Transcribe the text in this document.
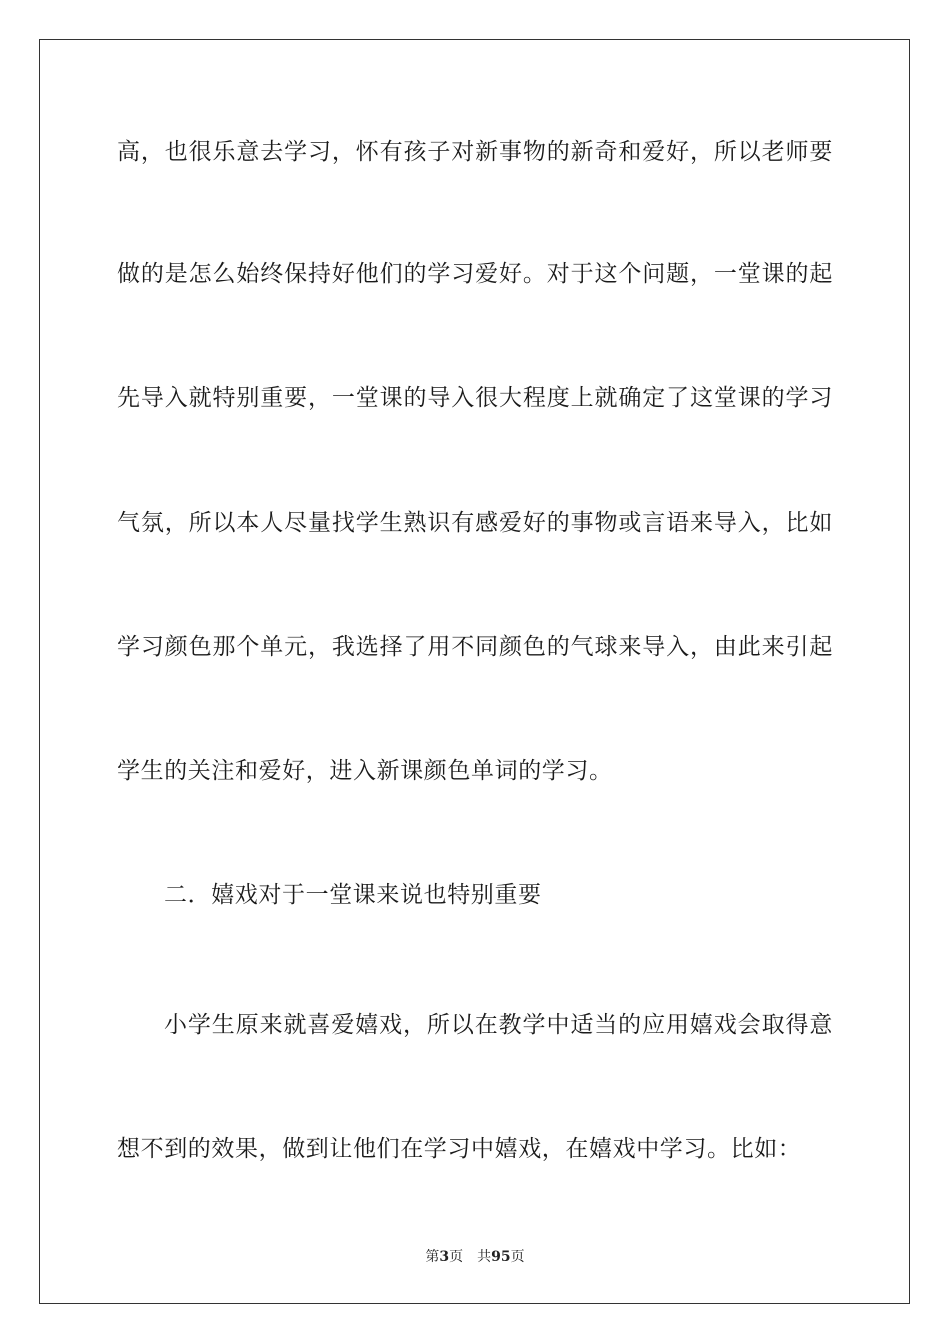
高，也很乐意去学习，怀有孩子对新事物的新奇和爱好，所以老师要
做的是怎么始终保持好他们的学习爱好。对于这个问题，一堂课的起
先导入就特别重要，一堂课的导入很大程度上就确定了这堂课的学习
气氛，所以本人尽量找学生熟识有感爱好的事物或言语来导入，比如
学习颜色那个单元，我选择了用不同颜色的气球来导入，由此来引起
学生的关注和爱好，进入新课颜色单词的学习。
二．嬉戏对于一堂课来说也特别重要
小学生原来就喜爱嬉戏，所以在教学中适当的应用嬉戏会取得意
想不到的效果，做到让他们在学习中嬉戏，在嬉戏中学习。比如：
第3页 共95页
